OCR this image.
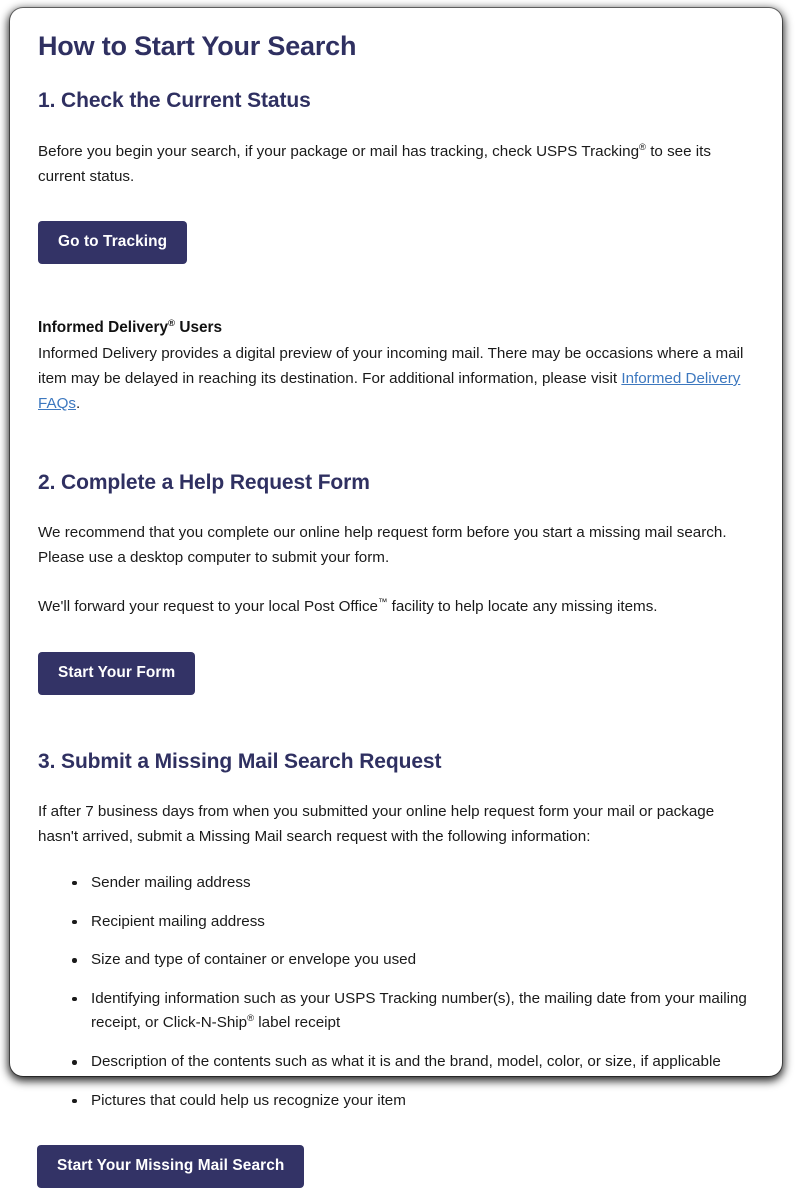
How to Start Your Search
1. Check the Current Status

Before you begin your search, if your package or mail has tracking, check USPS Tracking® to see its current status.

Go to Tracking

Informed Delivery® Users

Informed Delivery provides a digital preview of your incoming mail. There may be occasions where a mail item may be delayed in reaching its destination. For additional information, please visit Informed Delivery FAQs.

2. Complete a Help Request Form

We recommend that you complete our online help request form before you start a missing mail search. Please use a desktop computer to submit your form.

We'll forward your request to your local Post Office™ facility to help locate any missing items.

Start Your Form
3. Submit a Missing Mail Search Request

If after 7 business days from when you submitted your online help request form your mail or package hasn't arrived, submit a Missing Mail search request with the following information:

Sender mailing address
Recipient mailing address
Size and type of container or envelope you used
Identifying information such as your USPS Tracking number(s), the mailing date from your mailing receipt, or Click-N-Ship® label receipt
Description of the contents such as what it is and the brand, model, color, or size, if applicable
Pictures that could help us recognize your item
Start Your Missing Mail Search
